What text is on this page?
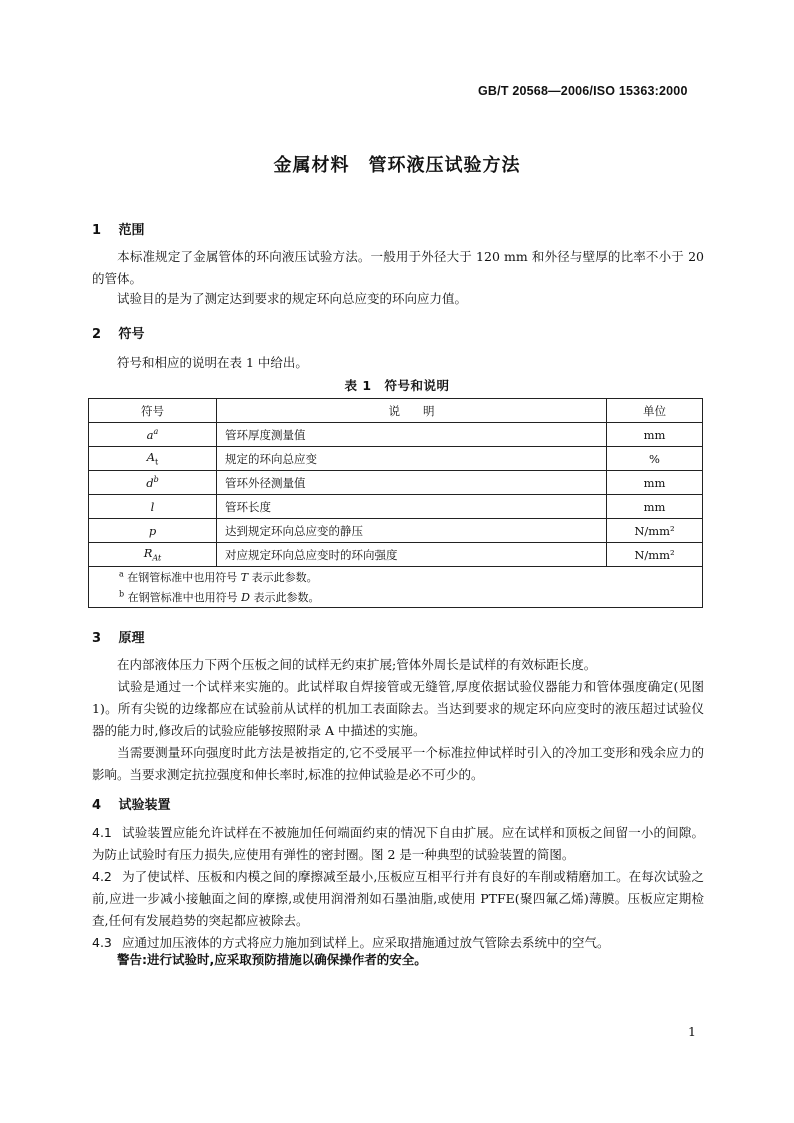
GB/T 20568—2006/ISO 15363:2000
金属材料　管环液压试验方法
1 范围
本标准规定了金属管体的环向液压试验方法。一般用于外径大于 120 mm 和外径与壁厚的比率不小于 20 的管体。
试验目的是为了测定达到要求的规定环向总应变的环向应力值。
2 符号
符号和相应的说明在表 1 中给出。
表 1　符号和说明
符号	说　　明	单位
$a^a$	管环厚度测量值	mm
$A_t$	规定的环向总应变	%
$d^b$	管环外径测量值	mm
l	管环长度	mm
p	达到规定环向总应变的静压	N/mm²
$R_{At}$	对应规定环向总应变时的环向强度	N/mm²
$^a$ 在钢管标准中也用符号 T 表示此参数。		
$^b$ 在钢管标准中也用符号 D 表示此参数。		
3 原理
在内部液体压力下两个压板之间的试样无约束扩展;管体外周长是试样的有效标距长度。
试验是通过一个试样来实施的。此试样取自焊接管或无缝管,厚度依据试验仪器能力和管体强度确定(见图 1)。所有尖锐的边缘都应在试验前从试样的机加工表面除去。当达到要求的规定环向应变时的液压超过试验仪器的能力时,修改后的试验应能够按照附录 A 中描述的实施。
当需要测量环向强度时此方法是被指定的,它不受展平一个标准拉伸试样时引入的冷加工变形和残余应力的影响。当要求测定抗拉强度和伸长率时,标准的拉伸试验是必不可少的。
4 试验装置
4.1 试验装置应能允许试样在不被施加任何端面约束的情况下自由扩展。应在试样和顶板之间留一小的间隙。为防止试验时有压力损失,应使用有弹性的密封圈。图 2 是一种典型的试验装置的简图。
4.2 为了使试样、压板和内模之间的摩擦减至最小,压板应互相平行并有良好的车削或精磨加工。在每次试验之前,应进一步减小接触面之间的摩擦,或使用润滑剂如石墨油脂,或使用 PTFE(聚四氟乙烯)薄膜。压板应定期检查,任何有发展趋势的突起都应被除去。
4.3 应通过加压液体的方式将应力施加到试样上。应采取措施通过放气管除去系统中的空气。
警告:进行试验时,应采取预防措施以确保操作者的安全。
1
